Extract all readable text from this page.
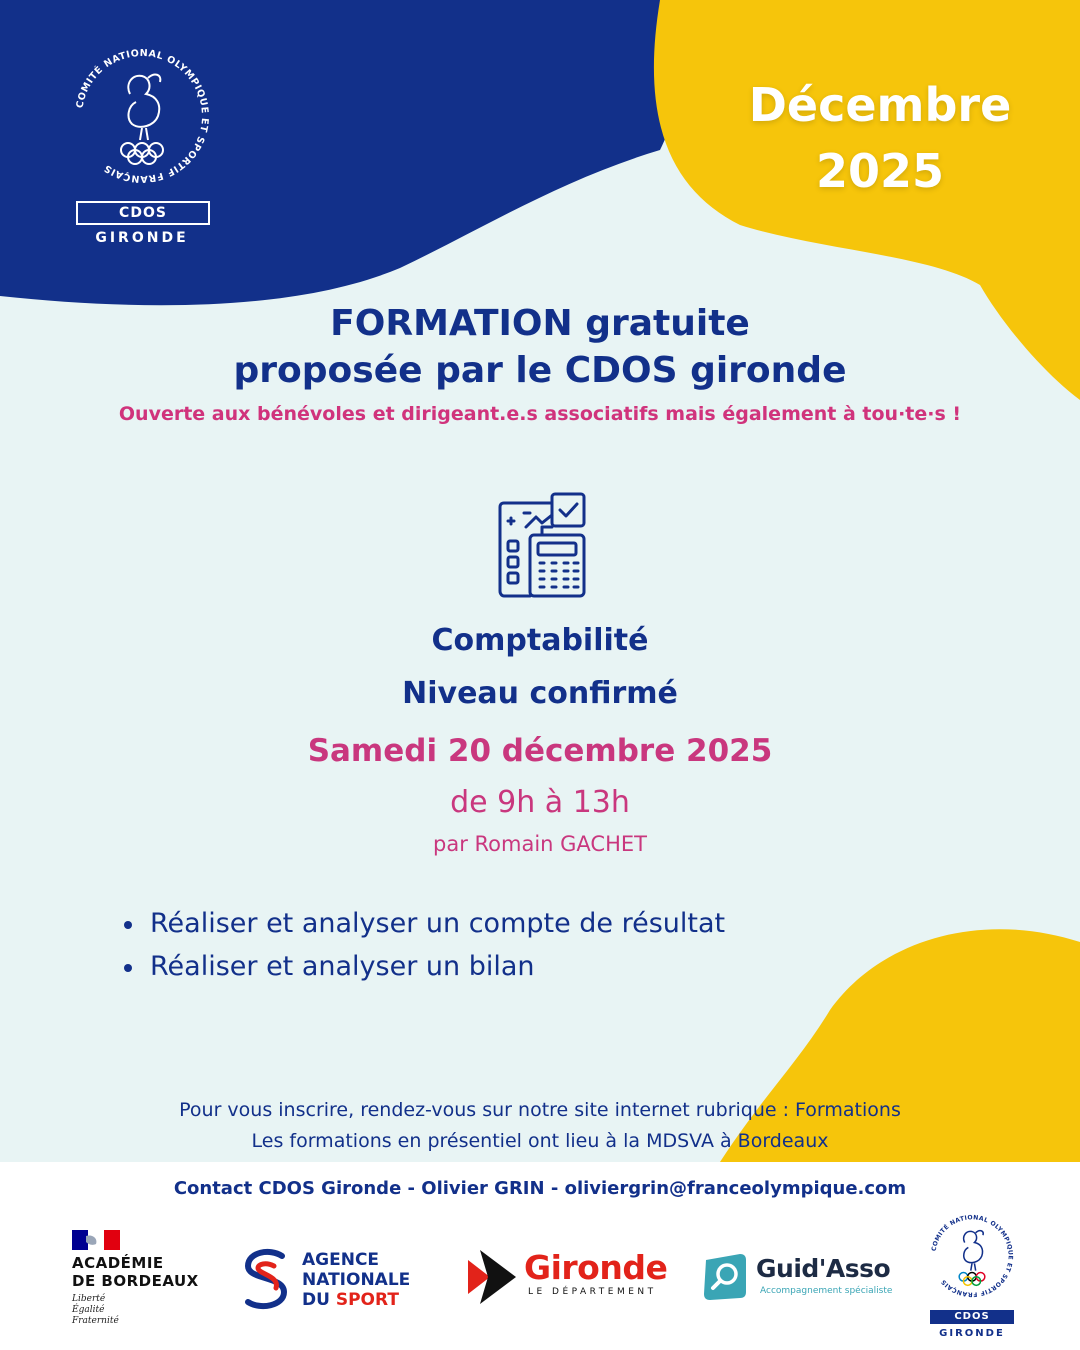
COMITÉ NATIONAL OLYMPIQUE ET SPORTIF FRANÇAIS
CDOS
GIRONDE
Décembre
2025
FORMATION gratuite
proposée par le CDOS gironde
Ouverte aux bénévoles et dirigeant.e.s associatifs mais également à tou·te·s !
Comptabilité
Niveau confirmé
Samedi 20 décembre 2025
de 9h à 13h
par Romain GACHET
Réaliser et analyser un compte de résultat
Réaliser et analyser un bilan
Pour vous inscrire, rendez-vous sur notre site internet rubrique : Formations
Les formations en présentiel ont lieu à la MDSVA à Bordeaux
Contact CDOS Gironde - Olivier GRIN - oliviergrin@franceolympique.com
ACADÉMIE
DE BORDEAUX
Liberté
Égalité
Fraternité
AGENCE
NATIONALE
DU SPORT
Gironde
LE DÉPARTEMENT
Guid'Asso
Accompagnement spécialiste
COMITÉ NATIONAL OLYMPIQUE ET SPORTIF FRANÇAIS
CDOS
GIRONDE
